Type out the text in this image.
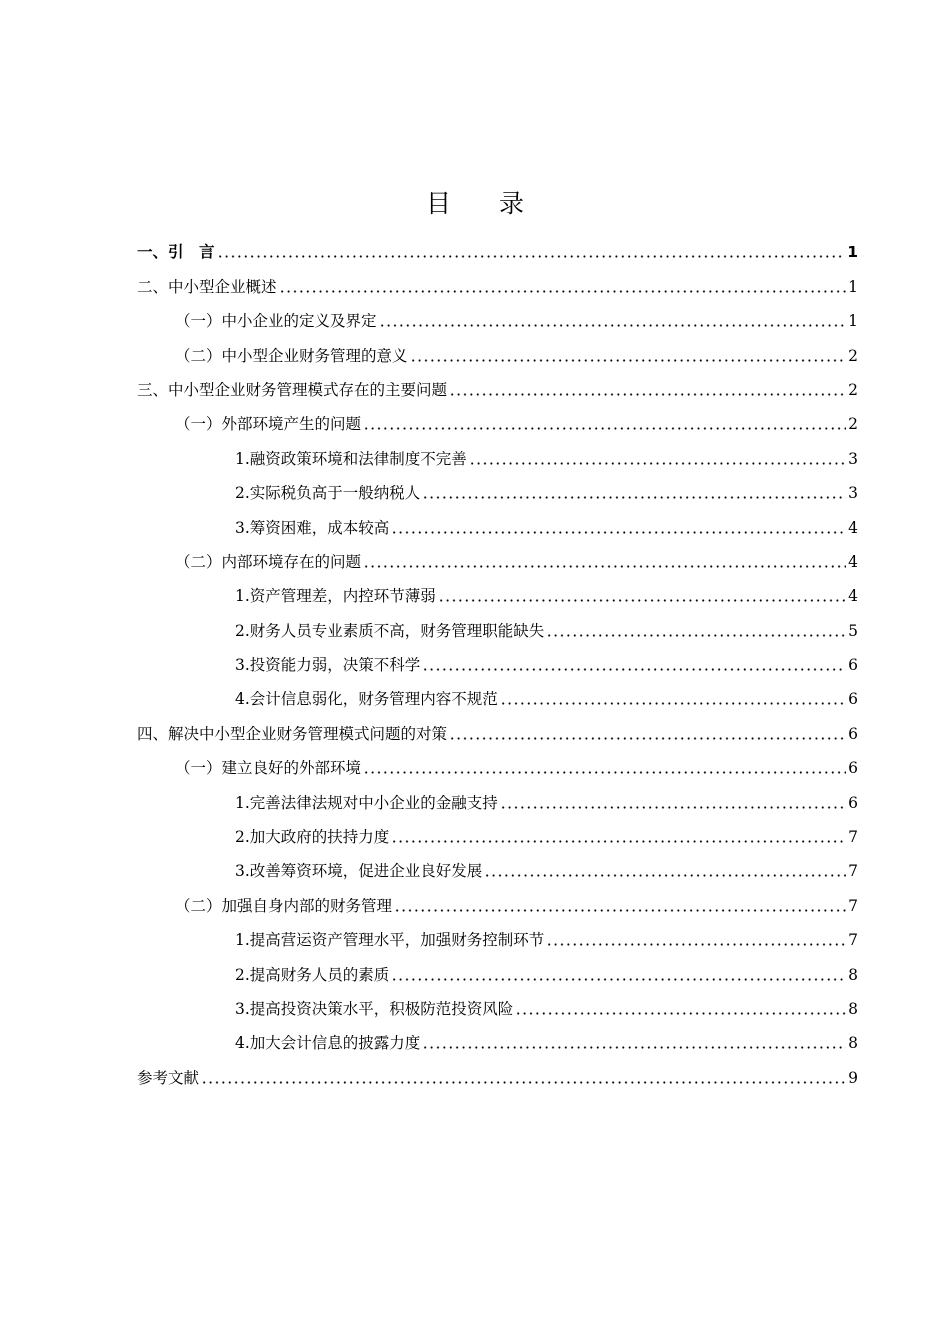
目 录
一、引　言	1
二、中小型企业概述	1
（一）中小企业的定义及界定	1
（二）中小型企业财务管理的意义	2
三、中小型企业财务管理模式存在的主要问题	2
（一）外部环境产生的问题	2
1.融资政策环境和法律制度不完善	3
2.实际税负高于一般纳税人	3
3.筹资困难，成本较高	4
（二）内部环境存在的问题	4
1.资产管理差，内控环节薄弱	4
2.财务人员专业素质不高，财务管理职能缺失	5
3.投资能力弱，决策不科学	6
4.会计信息弱化，财务管理内容不规范	6
四、解决中小型企业财务管理模式问题的对策	6
（一）建立良好的外部环境	6
1.完善法律法规对中小企业的金融支持	6
2.加大政府的扶持力度	7
3.改善筹资环境，促进企业良好发展	7
（二）加强自身内部的财务管理	7
1.提高营运资产管理水平，加强财务控制环节	7
2.提高财务人员的素质	8
3.提高投资决策水平，积极防范投资风险	8
4.加大会计信息的披露力度	8
参考文献	9
